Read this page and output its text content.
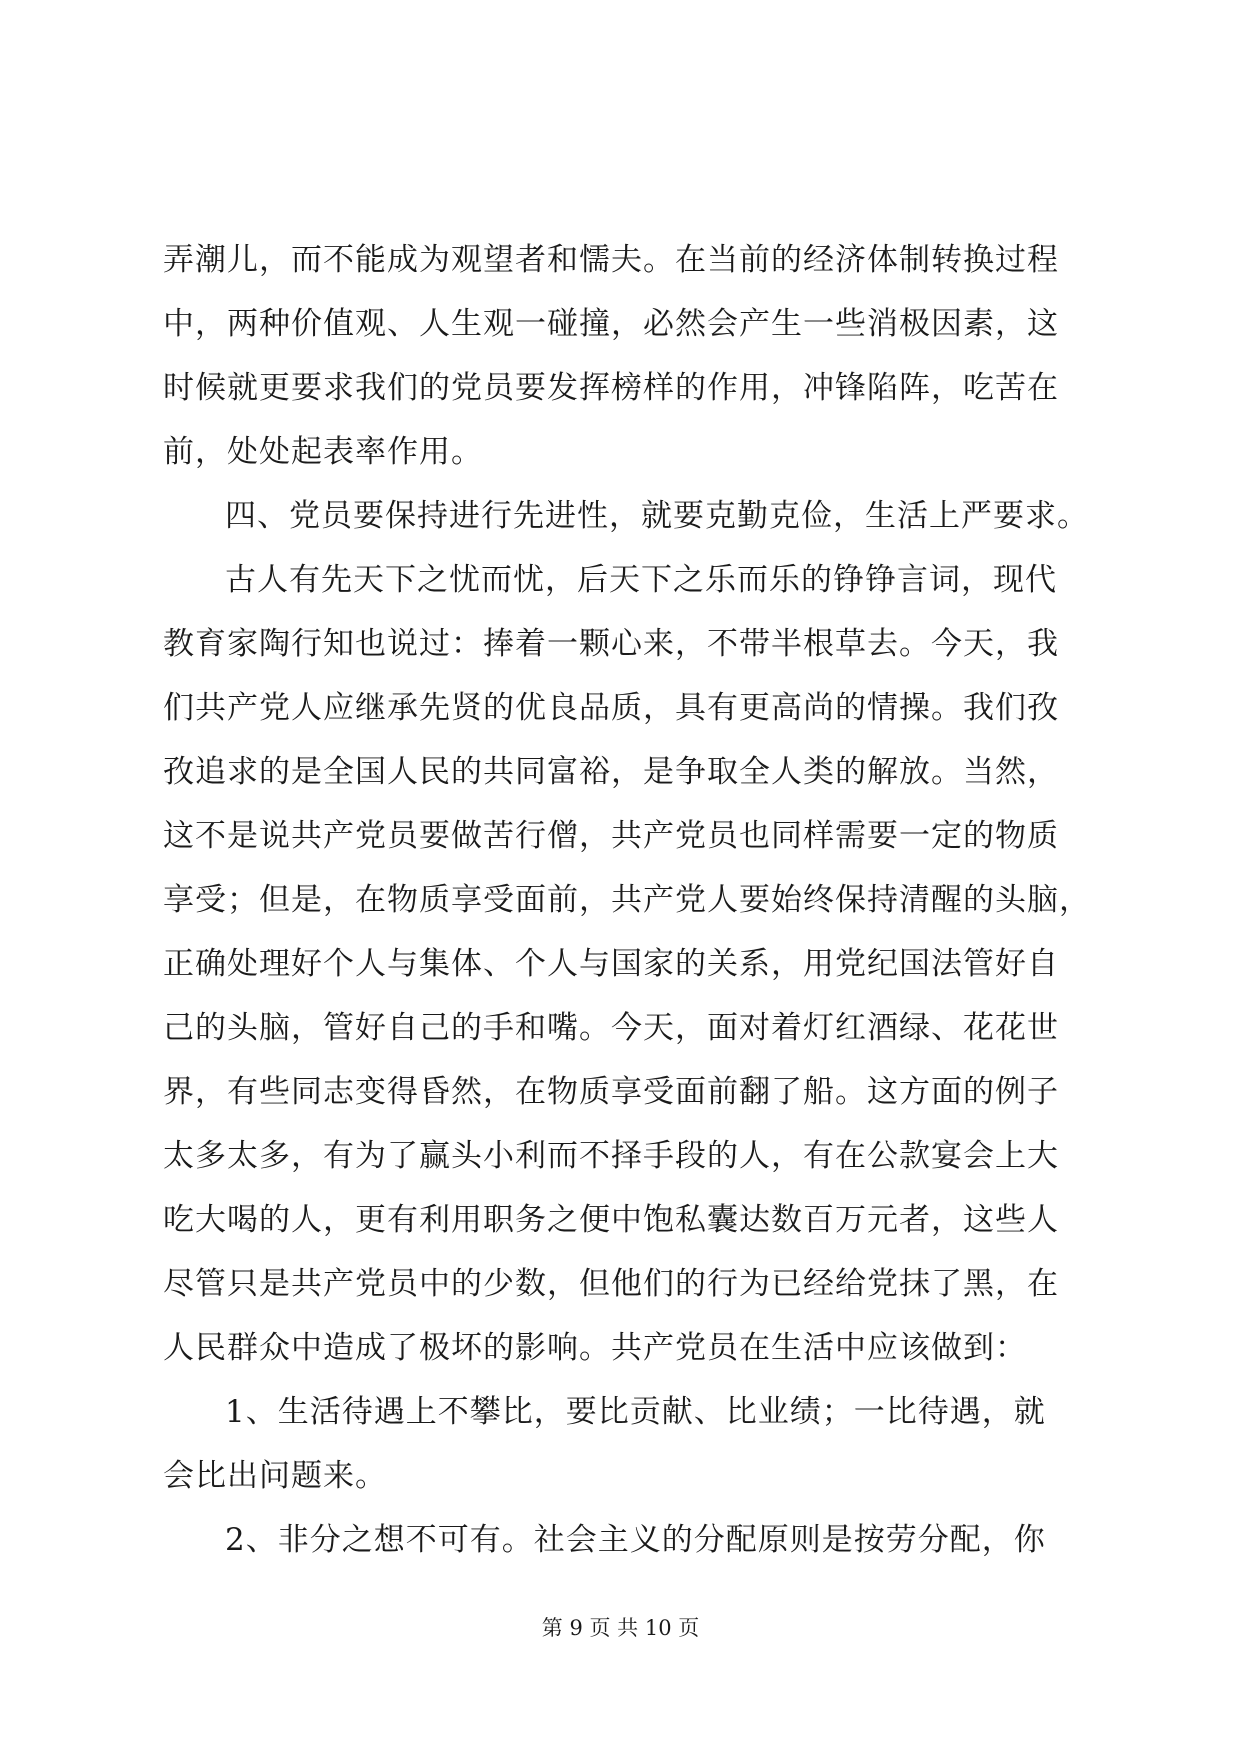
弄潮儿，而不能成为观望者和懦夫。在当前的经济体制转换过程
中，两种价值观、人生观一碰撞，必然会产生一些消极因素，这
时候就更要求我们的党员要发挥榜样的作用，冲锋陷阵，吃苦在
前，处处起表率作用。

四、党员要保持进行先进性，就要克勤克俭，生活上严要求。

古人有先天下之忧而忧，后天下之乐而乐的铮铮言词，现代
教育家陶行知也说过：捧着一颗心来，不带半根草去。今天，我
们共产党人应继承先贤的优良品质，具有更高尚的情操。我们孜
孜追求的是全国人民的共同富裕，是争取全人类的解放。当然，
这不是说共产党员要做苦行僧，共产党员也同样需要一定的物质
享受；但是，在物质享受面前，共产党人要始终保持清醒的头脑，
正确处理好个人与集体、个人与国家的关系，用党纪国法管好自
己的头脑，管好自己的手和嘴。今天，面对着灯红酒绿、花花世
界，有些同志变得昏然，在物质享受面前翻了船。这方面的例子
太多太多，有为了赢头小利而不择手段的人，有在公款宴会上大
吃大喝的人，更有利用职务之便中饱私囊达数百万元者，这些人
尽管只是共产党员中的少数，但他们的行为已经给党抹了黑，在
人民群众中造成了极坏的影响。共产党员在生活中应该做到：

1、生活待遇上不攀比，要比贡献、比业绩；一比待遇，就
会比出问题来。

2、非分之想不可有。社会主义的分配原则是按劳分配，你

第 9 页 共 10 页
